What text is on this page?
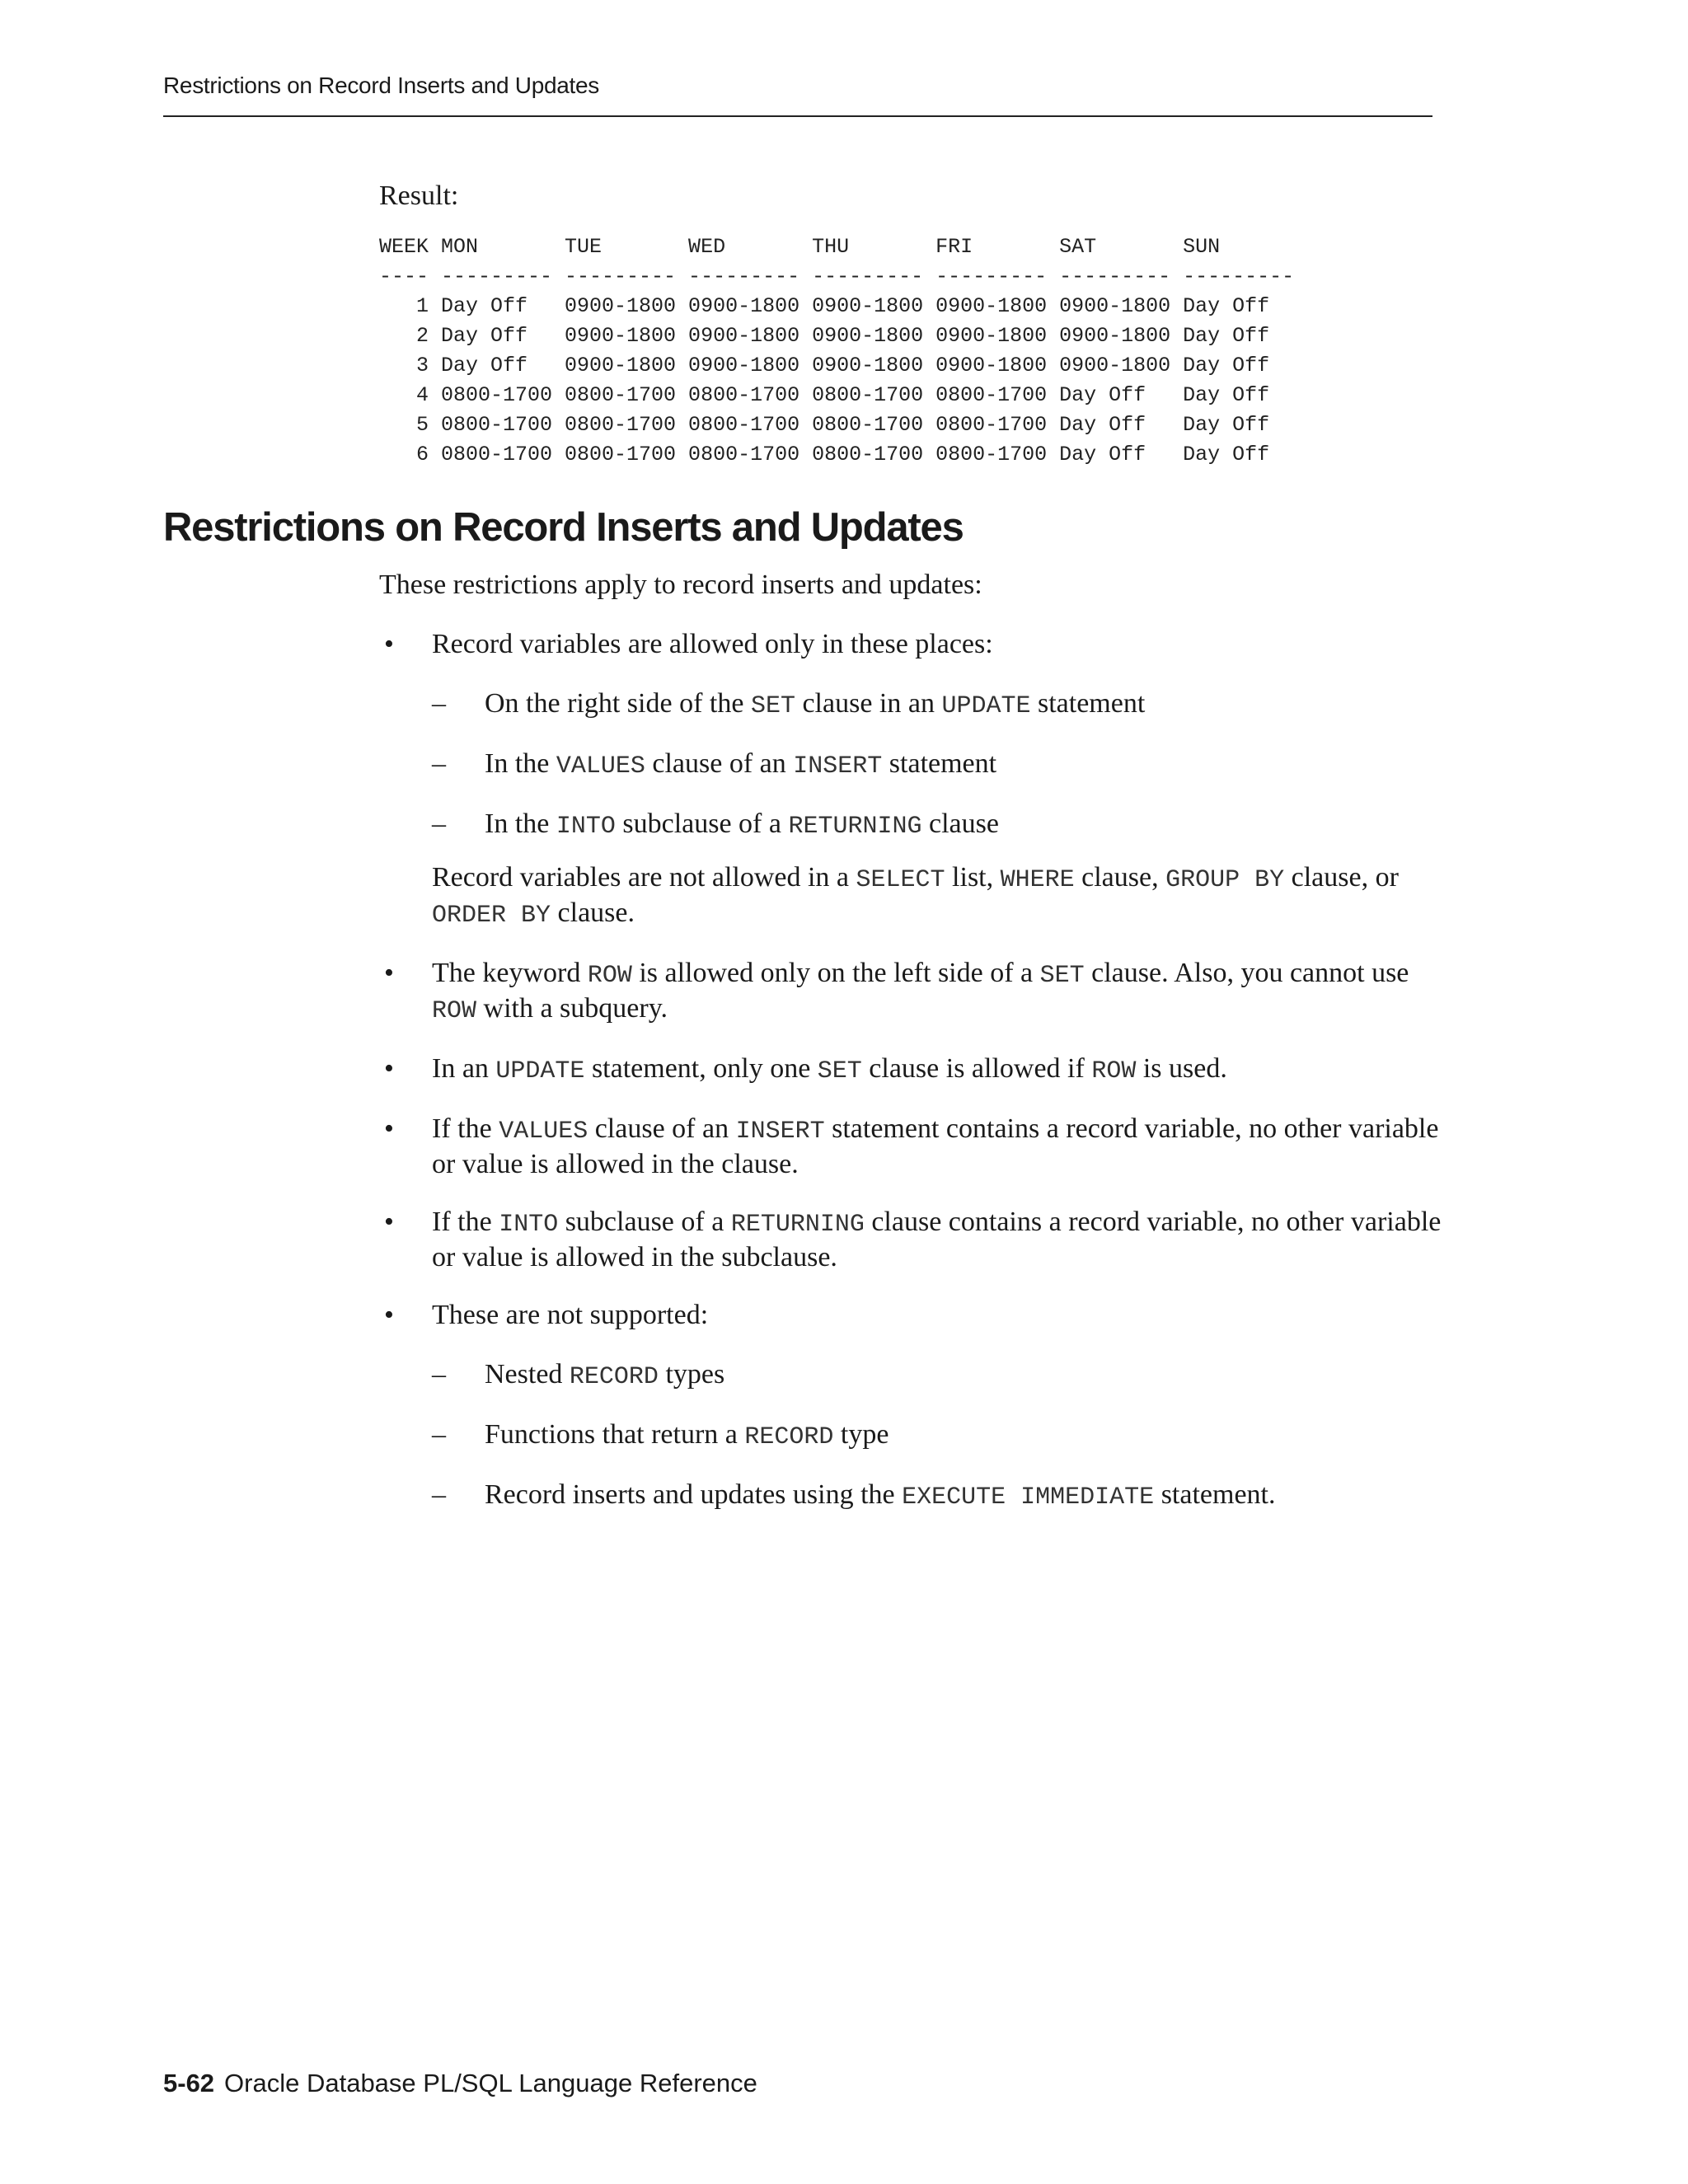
Restrictions on Record Inserts and Updates
Result:
WEEK MON       TUE       WED       THU       FRI       SAT       SUN
---- --------- --------- --------- --------- --------- --------- ---------
1 Day Off   0900-1800 0900-1800 0900-1800 0900-1800 0900-1800 Day Off
2 Day Off   0900-1800 0900-1800 0900-1800 0900-1800 0900-1800 Day Off
3 Day Off   0900-1800 0900-1800 0900-1800 0900-1800 0900-1800 Day Off
4 0800-1700 0800-1700 0800-1700 0800-1700 0800-1700 Day Off   Day Off
5 0800-1700 0800-1700 0800-1700 0800-1700 0800-1700 Day Off   Day Off
6 0800-1700 0800-1700 0800-1700 0800-1700 0800-1700 Day Off   Day Off
Restrictions on Record Inserts and Updates

These restrictions apply to record inserts and updates:

• Record variables are allowed only in these places:
– On the right side of the SET clause in an UPDATE statement
– In the VALUES clause of an INSERT statement
– In the INTO subclause of a RETURNING clause

Record variables are not allowed in a SELECT list, WHERE clause, GROUP BY clause, or ORDER BY clause.

• The keyword ROW is allowed only on the left side of a SET clause. Also, you cannot use ROW with a subquery.
• In an UPDATE statement, only one SET clause is allowed if ROW is used.
• If the VALUES clause of an INSERT statement contains a record variable, no other variable or value is allowed in the clause.
• If the INTO subclause of a RETURNING clause contains a record variable, no other variable or value is allowed in the subclause.
• These are not supported:
– Nested RECORD types
– Functions that return a RECORD type
– Record inserts and updates using the EXECUTE IMMEDIATE statement.
5-62 Oracle Database PL/SQL Language Reference
